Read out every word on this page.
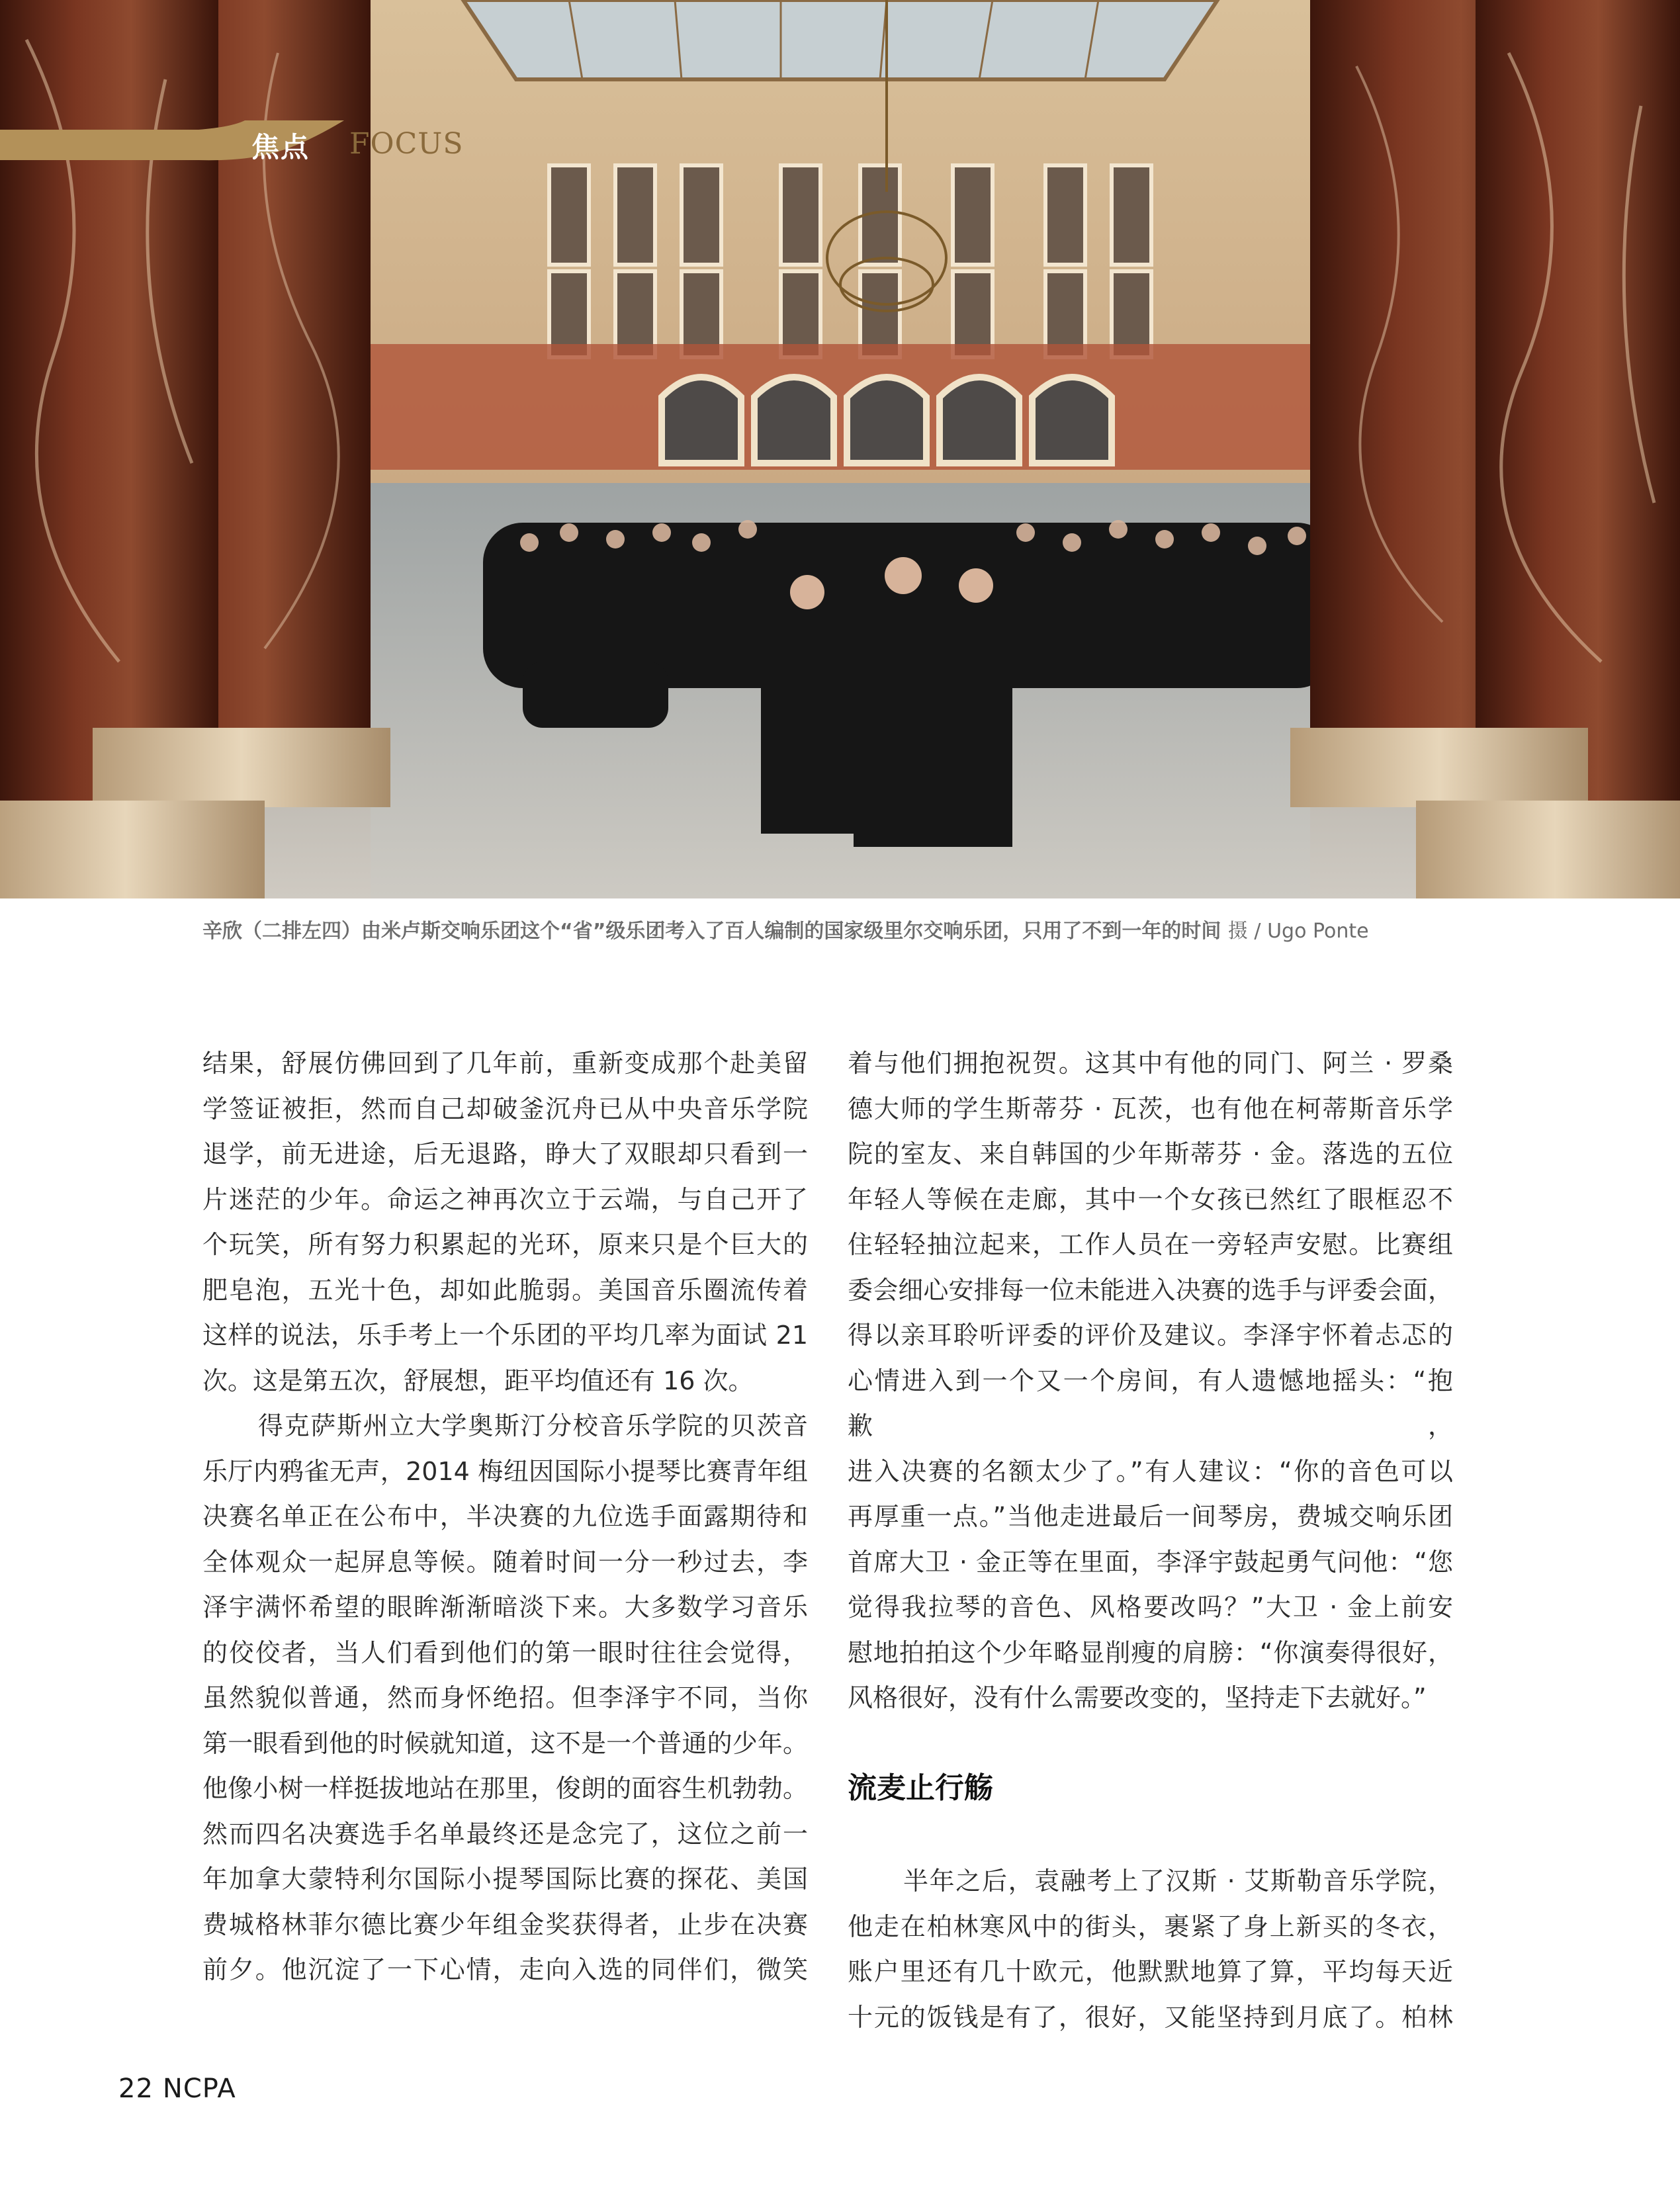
焦点 FOCUS
辛欣（二排左四）由米卢斯交响乐团这个“省”级乐团考入了百人编制的国家级里尔交响乐团，只用了不到一年的时间 摄 / Ugo Ponte

结果，舒展仿佛回到了几年前，重新变成那个赴美留

学签证被拒，然而自己却破釜沉舟已从中央音乐学院

退学，前无进途，后无退路，睁大了双眼却只看到一

片迷茫的少年。命运之神再次立于云端，与自己开了

个玩笑，所有努力积累起的光环，原来只是个巨大的

肥皂泡，五光十色，却如此脆弱。美国音乐圈流传着

这样的说法，乐手考上一个乐团的平均几率为面试 21

次。这是第五次，舒展想，距平均值还有 16 次。

得克萨斯州立大学奥斯汀分校音乐学院的贝茨音

乐厅内鸦雀无声，2014 梅纽因国际小提琴比赛青年组

决赛名单正在公布中，半决赛的九位选手面露期待和

全体观众一起屏息等候。随着时间一分一秒过去，李

泽宇满怀希望的眼眸渐渐暗淡下来。大多数学习音乐

的佼佼者，当人们看到他们的第一眼时往往会觉得，

虽然貌似普通，然而身怀绝招。但李泽宇不同，当你

第一眼看到他的时候就知道，这不是一个普通的少年。

他像小树一样挺拔地站在那里，俊朗的面容生机勃勃。

然而四名决赛选手名单最终还是念完了，这位之前一

年加拿大蒙特利尔国际小提琴国际比赛的探花、美国

费城格林菲尔德比赛少年组金奖获得者，止步在决赛

前夕。他沉淀了一下心情，走向入选的同伴们，微笑

着与他们拥抱祝贺。这其中有他的同门、阿兰 · 罗桑

德大师的学生斯蒂芬 · 瓦茨，也有他在柯蒂斯音乐学

院的室友、来自韩国的少年斯蒂芬 · 金。落选的五位

年轻人等候在走廊，其中一个女孩已然红了眼框忍不

住轻轻抽泣起来，工作人员在一旁轻声安慰。比赛组

委会细心安排每一位未能进入决赛的选手与评委会面，

得以亲耳聆听评委的评价及建议。李泽宇怀着忐忑的

心情进入到一个又一个房间，有人遗憾地摇头：“抱歉，

进入决赛的名额太少了。”有人建议：“你的音色可以

再厚重一点。”当他走进最后一间琴房，费城交响乐团

首席大卫 · 金正等在里面，李泽宇鼓起勇气问他：“您

觉得我拉琴的音色、风格要改吗？”大卫 · 金上前安

慰地拍拍这个少年略显削瘦的肩膀：“你演奏得很好，

风格很好，没有什么需要改变的，坚持走下去就好。”

流麦止行觞

半年之后，袁融考上了汉斯 · 艾斯勒音乐学院，

他走在柏林寒风中的街头，裹紧了身上新买的冬衣，

账户里还有几十欧元，他默默地算了算，平均每天近

十元的饭钱是有了，很好，又能坚持到月底了。柏林

22 NCPA
